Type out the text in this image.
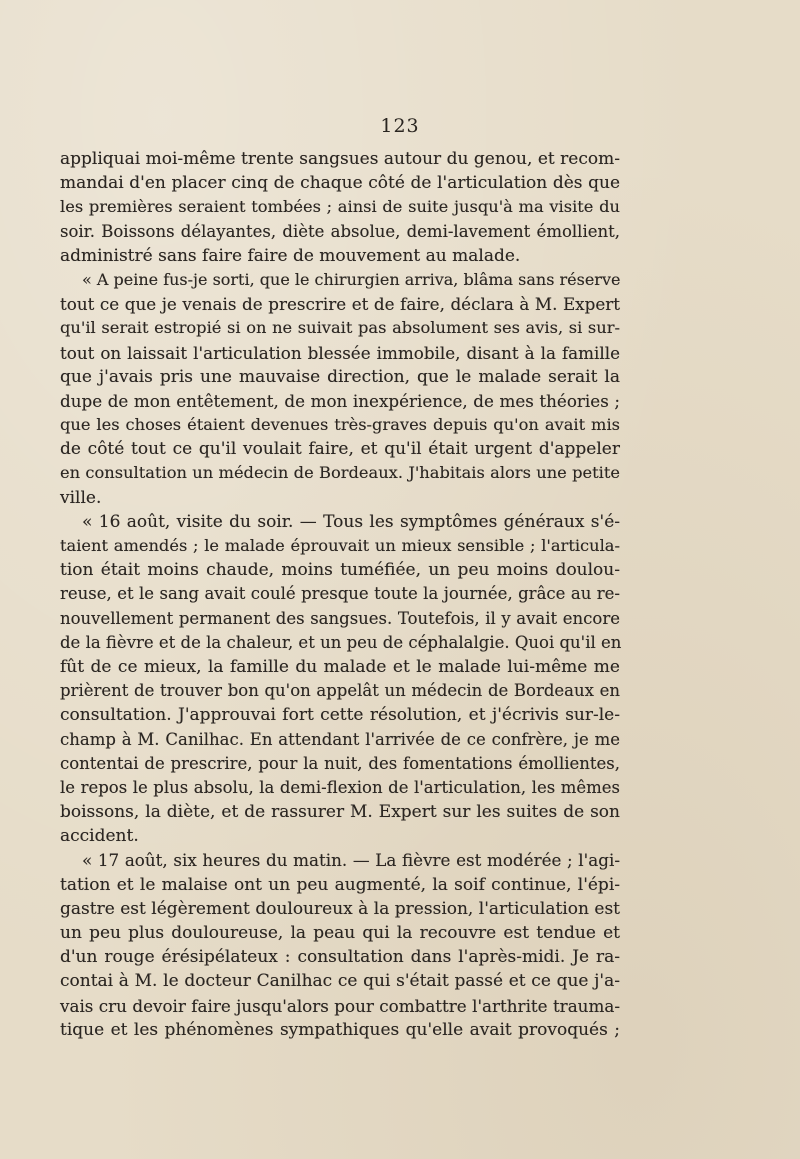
123
appliquai moi-même trente sangsues autour du genou, et recom-
mandai d'en placer cinq de chaque côté de l'articulation dès que
les premières seraient tombées ; ainsi de suite jusqu'à ma visite du
soir. Boissons délayantes, diète absolue, demi-lavement émollient,
administré sans faire faire de mouvement au malade.
« A peine fus-je sorti, que le chirurgien arriva, blâma sans réserve
tout ce que je venais de prescrire et de faire, déclara à M. Expert
qu'il serait estropié si on ne suivait pas absolument ses avis, si sur-
tout on laissait l'articulation blessée immobile, disant à la famille
que j'avais pris une mauvaise direction, que le malade serait la
dupe de mon entêtement, de mon inexpérience, de mes théories ;
que les choses étaient devenues très-graves depuis qu'on avait mis
de côté tout ce qu'il voulait faire, et qu'il était urgent d'appeler
en consultation un médecin de Bordeaux. J'habitais alors une petite
ville.
« 16 août, visite du soir. — Tous les symptômes généraux s'é-
taient amendés ; le malade éprouvait un mieux sensible ; l'articula-
tion était moins chaude, moins tuméfiée, un peu moins doulou-
reuse, et le sang avait coulé presque toute la journée, grâce au re-
nouvellement permanent des sangsues. Toutefois, il y avait encore
de la fièvre et de la chaleur, et un peu de céphalalgie. Quoi qu'il en
fût de ce mieux, la famille du malade et le malade lui-même me
prièrent de trouver bon qu'on appelât un médecin de Bordeaux en
consultation. J'approuvai fort cette résolution, et j'écrivis sur-le-
champ à M. Canilhac. En attendant l'arrivée de ce confrère, je me
contentai de prescrire, pour la nuit, des fomentations émollientes,
le repos le plus absolu, la demi-flexion de l'articulation, les mêmes
boissons, la diète, et de rassurer M. Expert sur les suites de son
accident.
« 17 août, six heures du matin. — La fièvre est modérée ; l'agi-
tation et le malaise ont un peu augmenté, la soif continue, l'épi-
gastre est légèrement douloureux à la pression, l'articulation est
un peu plus douloureuse, la peau qui la recouvre est tendue et
d'un rouge érésipélateux : consultation dans l'après-midi. Je ra-
contai à M. le docteur Canilhac ce qui s'était passé et ce que j'a-
vais cru devoir faire jusqu'alors pour combattre l'arthrite trauma-
tique et les phénomènes sympathiques qu'elle avait provoqués ;
